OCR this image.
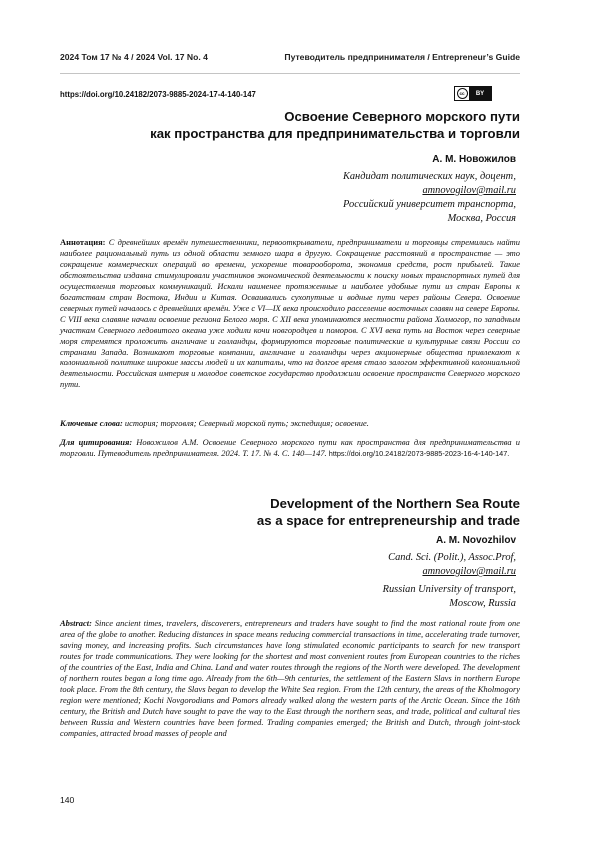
2024 Том 17 № 4 / 2024 Vol. 17 No. 4	Путеводитель предпринимателя / Entrepreneur’s Guide
https://doi.org/10.24182/2073-9885-2024-17-4-140-147	cc	BY
Освоение Северного морского пути
как пространства для предпринимательства и торговли
А. М. Новожилов
Кандидат политических наук, доцент,
amnovogilov@mail.ru
Российский университет транспорта,
Москва, Россия
Аннотация: С древнейших времён путешественники, первооткрыватели, предприниматели и торговцы стремились найти наиболее рациональный путь из одной области земного шара в другую. Сокращение расстояний в пространстве — это сокращение коммерческих операций во времени, ускорение товарооборота, экономия средств, рост прибылей. Такие обстоятельства издавна стимулировали участников экономической деятельности к поиску новых транспортных путей для осуществления торговых коммуникаций. Искали наименее протяженные и наиболее удобные пути из стран Европы к богатствам стран Востока, Индии и Китая. Осваивались сухопутные и водные пути через районы Севера. Освоение северных путей началось с древнейших времён. Уже с VI—IX века происходило расселение восточных славян на севере Европы. С VIII века славяне начали освоение региона Белого моря. С XII века упоминаются местности района Холмогор, по западным участкам Северного ледовитого океана уже ходили кочи новгородцев и поморов. С XVI века путь на Восток через северные моря стремятся проложить англичане и голландцы, формируются торговые политические и культурные связи России со странами Запада. Возникают торговые компании, англичане и голландцы через акционерные общества привлекают к колониальной политике широкие массы людей и их капиталы, что на долгое время стало залогом эффективной колониальной деятельности. Российская империя и молодое советское государство продолжили освоение пространств Северного морского пути.
Ключевые слова: история; торговля; Северный морской путь; экспедиция; освоение.
Для цитирования: Новожилов А.М. Освоение Северного морского пути как пространства для предпринимательства и торговли. Путеводитель предпринимателя. 2024. Т. 17. № 4. С. 140—147. https://doi.org/10.24182/2073-9885-2023-16-4-140-147.
Development of the Northern Sea Route
as a space for entrepreneurship and trade
A. M. Novozhilov
Cand. Sci. (Polit.), Assoc.Prof,
amnovogilov@mail.ru
Russian University of transport,
Moscow, Russia
Abstract: Since ancient times, travelers, discoverers, entrepreneurs and traders have sought to find the most rational route from one area of the globe to another. Reducing distances in space means reducing commercial transactions in time, accelerating trade turnover, saving money, and increasing profits. Such circumstances have long stimulated economic participants to search for new transport routes for trade communications. They were looking for the shortest and most convenient routes from European countries to the riches of the countries of the East, India and China. Land and water routes through the regions of the North were developed. The development of northern routes began a long time ago. Already from the 6th—9th centuries, the settlement of the Eastern Slavs in northern Europe took place. From the 8th century, the Slavs began to develop the White Sea region. From the 12th century, the areas of the Kholmogory region were mentioned; Kochi Novgorodians and Pomors already walked along the western parts of the Arctic Ocean. Since the 16th century, the British and Dutch have sought to pave the way to the East through the northern seas, and trade, political and cultural ties between Russia and Western countries have been formed. Trading companies emerged; the British and Dutch, through joint-stock companies, attracted broad masses of people and
140
